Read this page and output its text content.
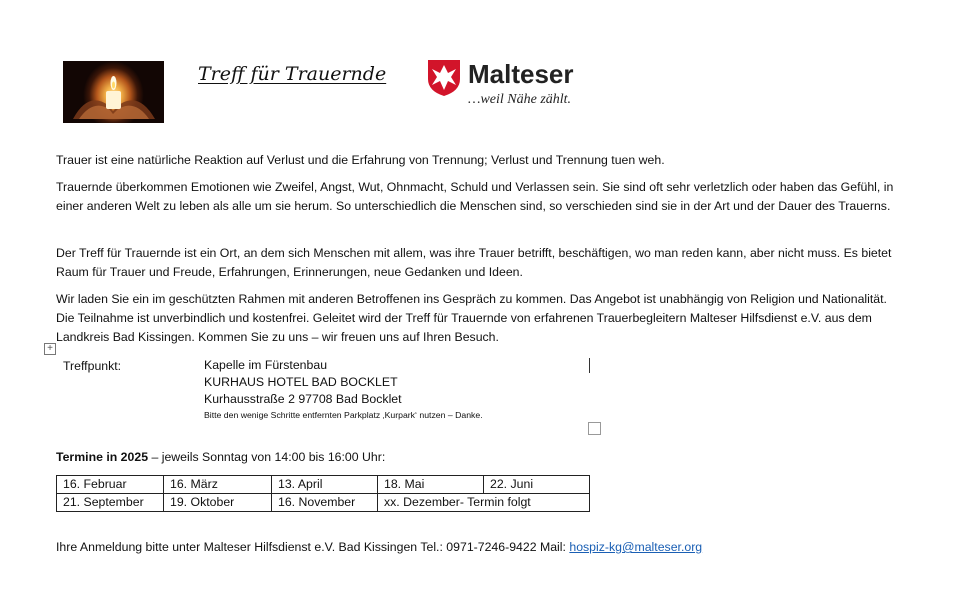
Treff für Trauernde	Malteser
…weil Nähe zählt.

Trauer ist eine natürliche Reaktion auf Verlust und die Erfahrung von Trennung; Verlust und Trennung tuen weh.

Trauernde überkommen Emotionen wie Zweifel, Angst, Wut, Ohnmacht, Schuld und Verlassen sein. Sie sind oft sehr verletzlich oder haben das Gefühl, in einer anderen Welt zu leben als alle um sie herum. So unterschiedlich die Menschen sind, so verschieden sind sie in der Art und der Dauer des Trauerns.

Der Treff für Trauernde ist ein Ort, an dem sich Menschen mit allem, was ihre Trauer betrifft, beschäftigen, wo man reden kann, aber nicht muss. Es bietet Raum für Trauer und Freude, Erfahrungen, Erinnerungen, neue Gedanken und Ideen.

Wir laden Sie ein im geschützten Rahmen mit anderen Betroffenen ins Gespräch zu kommen. Das Angebot ist unabhängig von Religion und Nationalität. Die Teilnahme ist unverbindlich und kostenfrei. Geleitet wird der Treff für Trauernde von erfahrenen Trauerbegleitern Malteser Hilfsdienst e.V. aus dem Landkreis Bad Kissingen. Kommen Sie zu uns – wir freuen uns auf Ihren Besuch.

+
Treffpunkt:	Kapelle im Fürstenbau
KURHAUS HOTEL BAD BOCKLET
Kurhausstraße 2 97708 Bad Bocklet
Bitte den wenige Schritte entfernten Parkplatz ‚Kurpark‘ nutzen – Danke.
Termine in 2025 – jeweils Sonntag von 14:00 bis 16:00 Uhr:
16. Februar	16. März	13. April	18. Mai	22. Juni
21. September	19. Oktober	16. November	xx. Dezember- Termin folgt	
Ihre Anmeldung bitte unter Malteser Hilfsdienst e.V. Bad Kissingen Tel.: 0971-7246-9422 Mail: hospiz-kg@malteser.org
